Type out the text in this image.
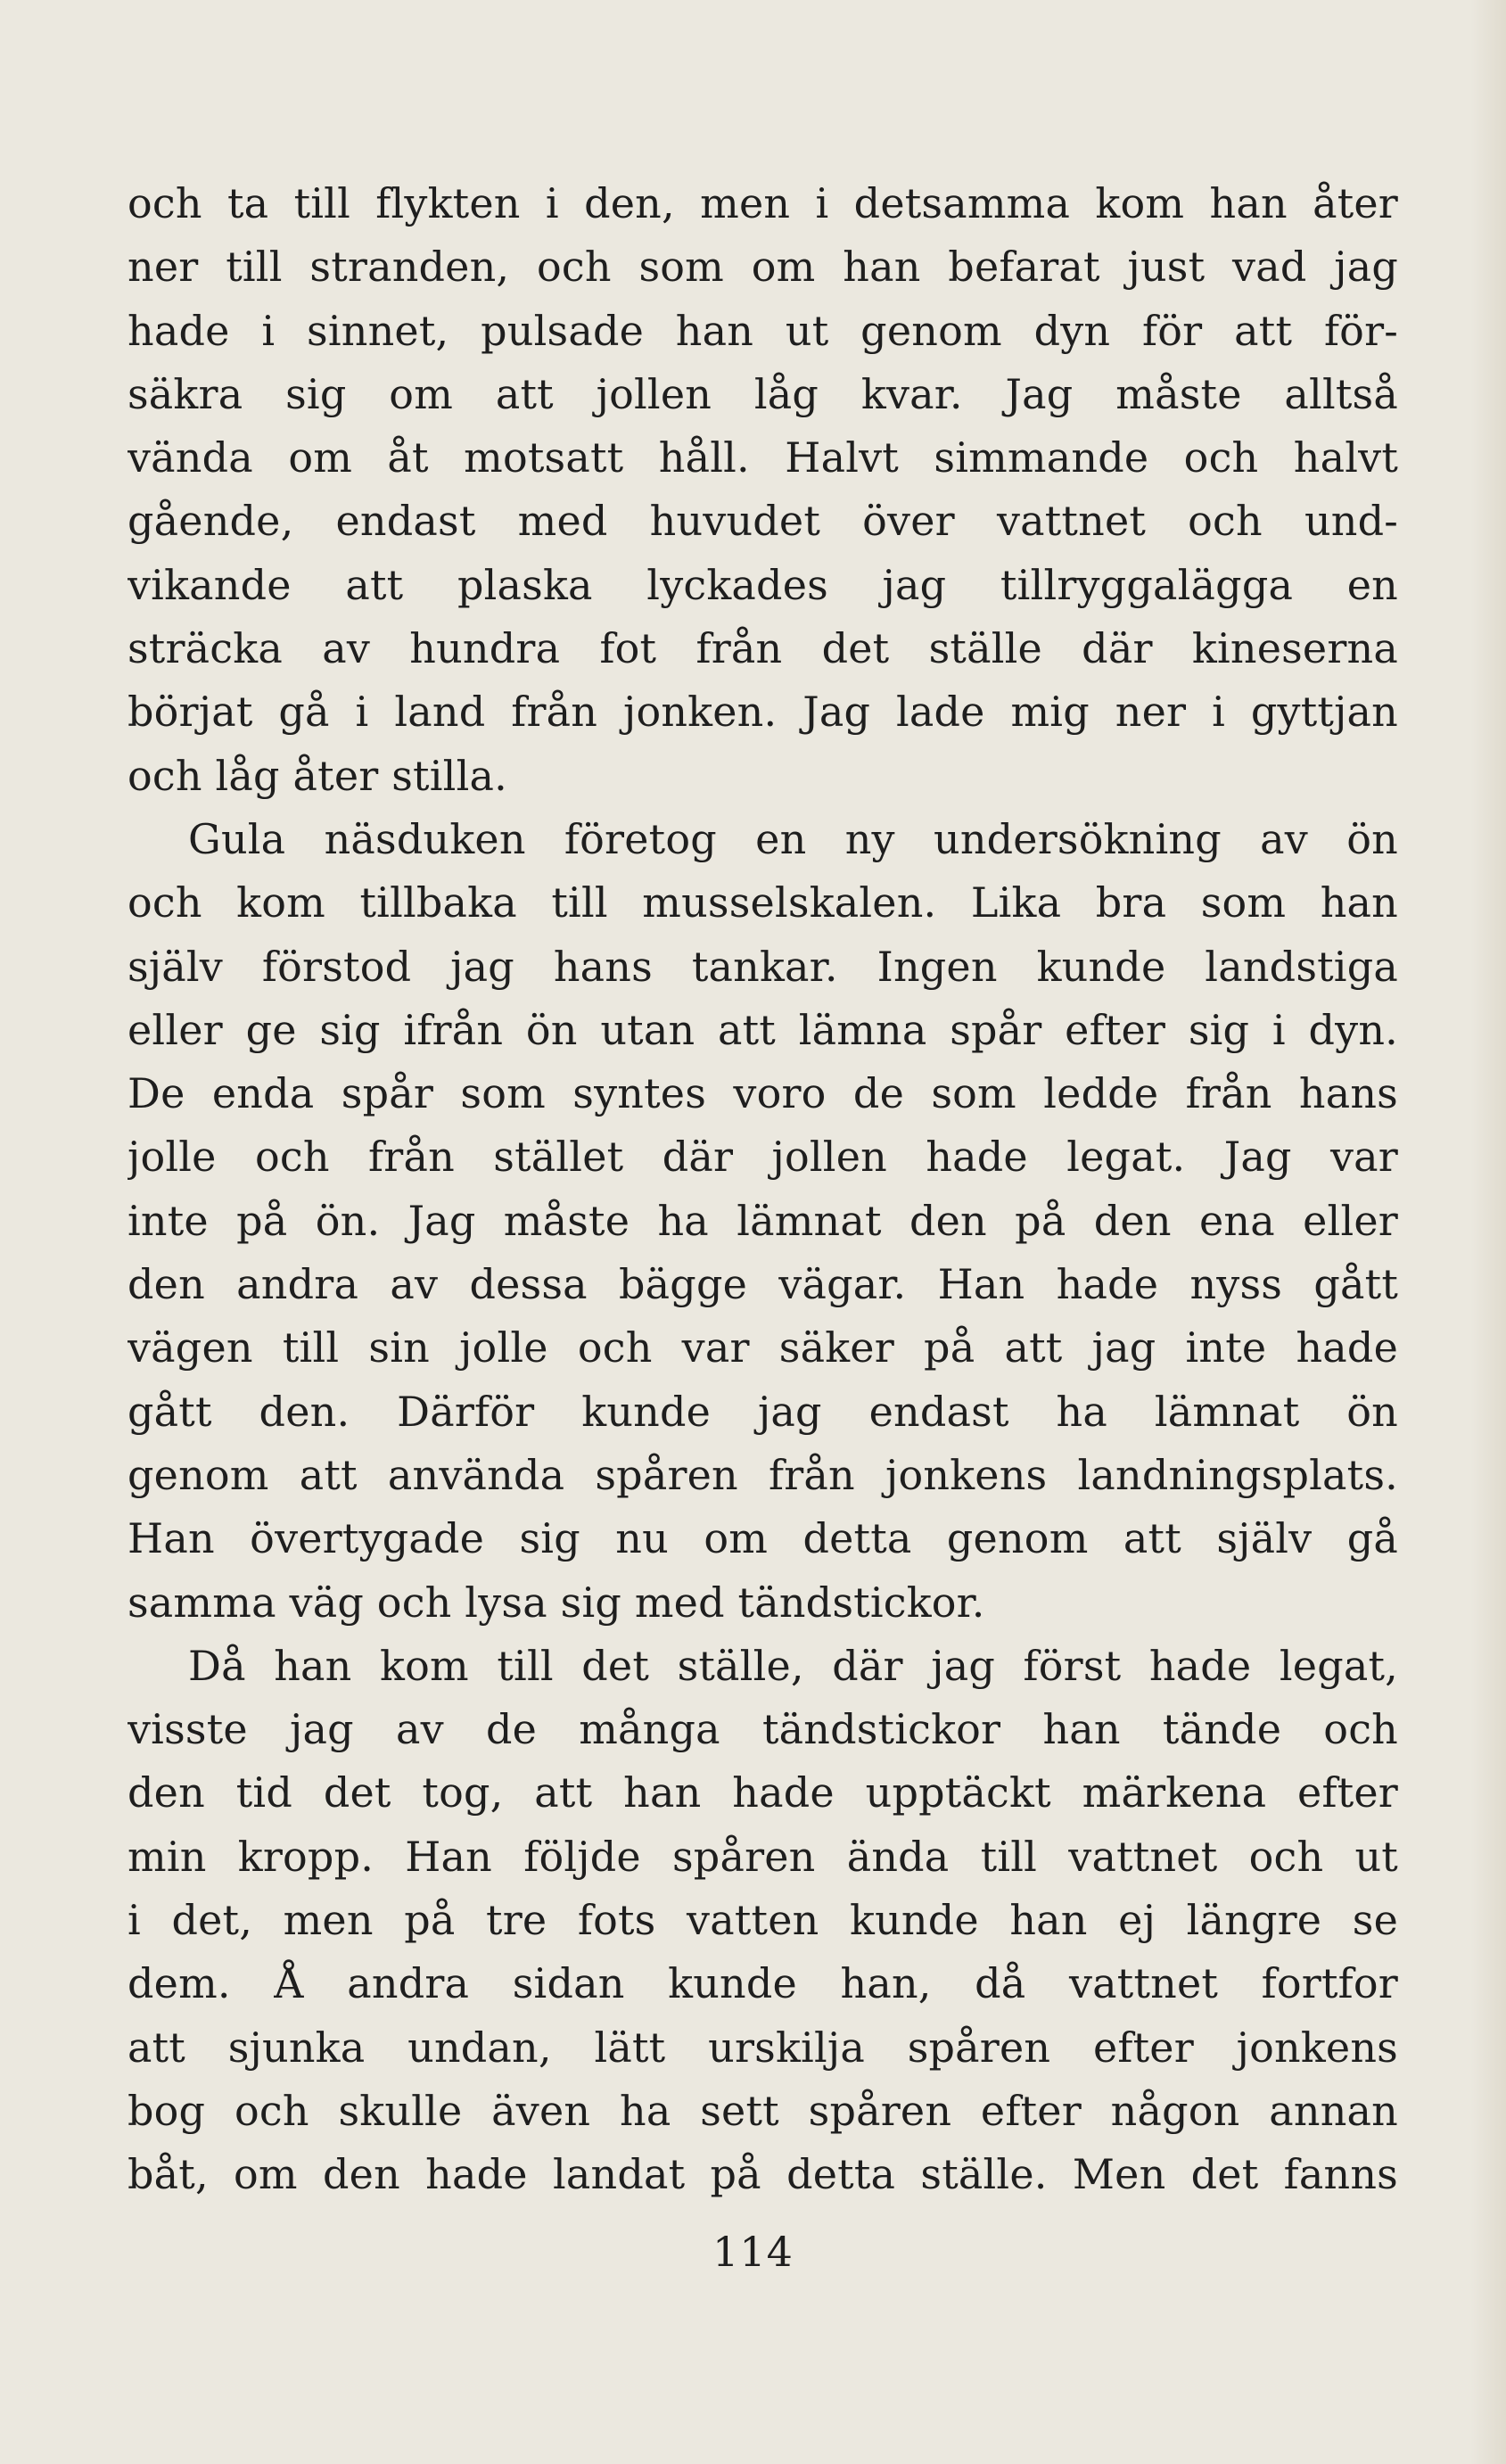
och ta till flykten i den, men i detsamma kom han åter
ner till stranden, och som om han befarat just vad jag
hade i sinnet, pulsade han ut genom dyn för att för-
säkra sig om att jollen låg kvar. Jag måste alltså
vända om åt motsatt håll. Halvt simmande och halvt
gående, endast med huvudet över vattnet och und-
vikande att plaska lyckades jag tillryggalägga en
sträcka av hundra fot från det ställe där kineserna
börjat gå i land från jonken. Jag lade mig ner i gyttjan
och låg åter stilla.
Gula näsduken företog en ny undersökning av ön
och kom tillbaka till musselskalen. Lika bra som han
själv förstod jag hans tankar. Ingen kunde landstiga
eller ge sig ifrån ön utan att lämna spår efter sig i dyn.
De enda spår som syntes voro de som ledde från hans
jolle och från stället där jollen hade legat. Jag var
inte på ön. Jag måste ha lämnat den på den ena eller
den andra av dessa bägge vägar. Han hade nyss gått
vägen till sin jolle och var säker på att jag inte hade
gått den. Därför kunde jag endast ha lämnat ön
genom att använda spåren från jonkens landningsplats.
Han övertygade sig nu om detta genom att själv gå
samma väg och lysa sig med tändstickor.
Då han kom till det ställe, där jag först hade legat,
visste jag av de många tändstickor han tände och
den tid det tog, att han hade upptäckt märkena efter
min kropp. Han följde spåren ända till vattnet och ut
i det, men på tre fots vatten kunde han ej längre se
dem. Å andra sidan kunde han, då vattnet fortfor
att sjunka undan, lätt urskilja spåren efter jonkens
bog och skulle även ha sett spåren efter någon annan
båt, om den hade landat på detta ställe. Men det fanns
114
